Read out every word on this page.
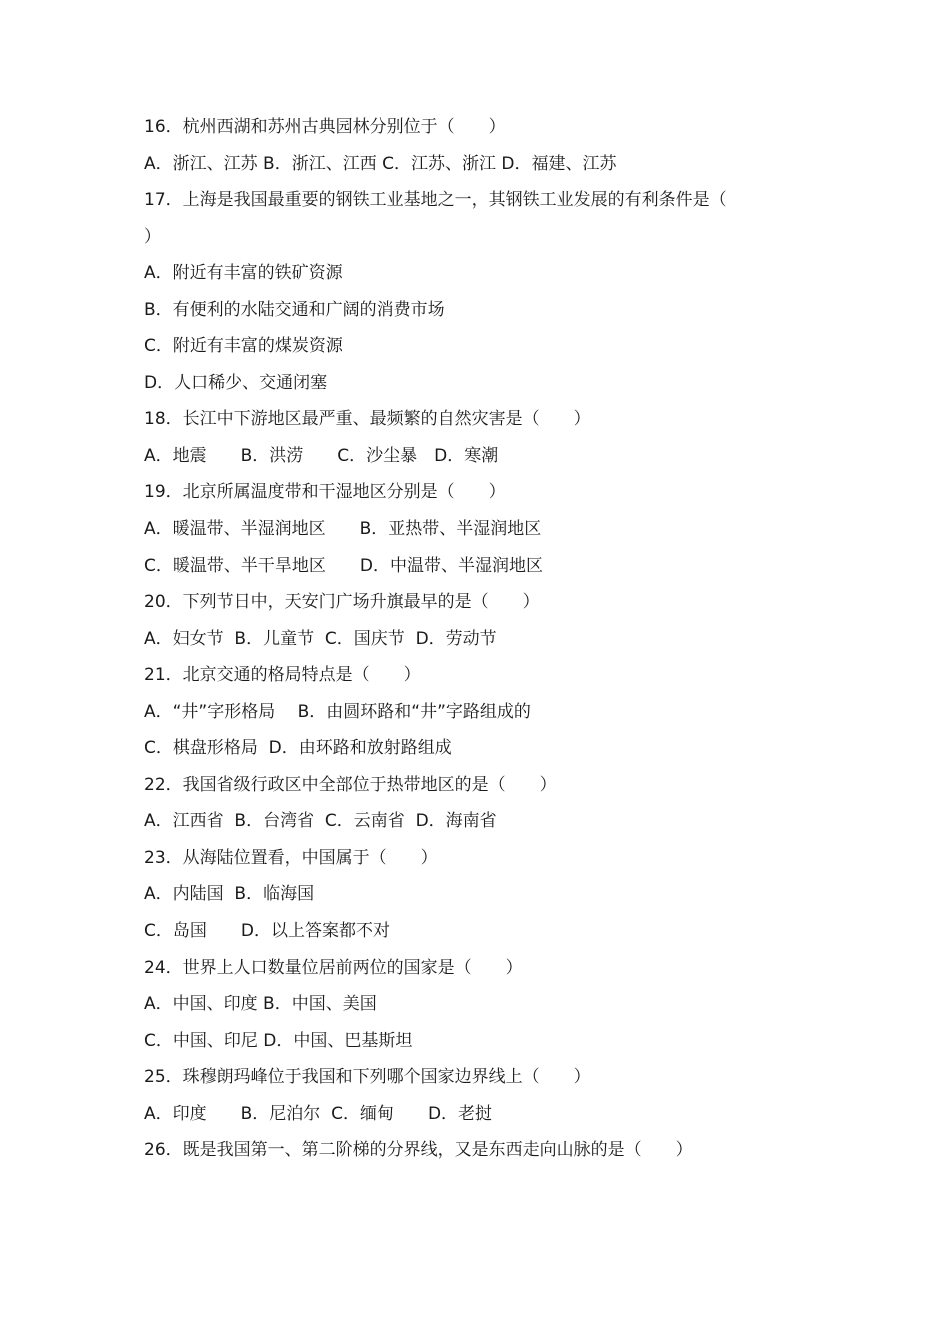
16．杭州西湖和苏州古典园林分别位于（　　）
A．浙江、江苏 B．浙江、江西 C．江苏、浙江 D．福建、江苏
17．上海是我国最重要的钢铁工业基地之一，其钢铁工业发展的有利条件是（
）
A．附近有丰富的铁矿资源
B．有便利的水陆交通和广阔的消费市场
C．附近有丰富的煤炭资源
D．人口稀少、交通闭塞
18．长江中下游地区最严重、最频繁的自然灾害是（　　）
A．地震　　B．洪涝　　C．沙尘暴　D．寒潮
19．北京所属温度带和干湿地区分别是（　　）
A．暖温带、半湿润地区　　B．亚热带、半湿润地区
C．暖温带、半干旱地区　　D．中温带、半湿润地区
20．下列节日中，天安门广场升旗最早的是（　　）
A．妇女节  B．儿童节  C．国庆节  D．劳动节
21．北京交通的格局特点是（　　）
A．“井”字形格局　 B．由圆环路和“井”字路组成的
C．棋盘形格局  D．由环路和放射路组成
22．我国省级行政区中全部位于热带地区的是（　　）
A．江西省  B．台湾省  C．云南省  D．海南省
23．从海陆位置看，中国属于（　　）
A．内陆国  B．临海国
C．岛国　　D．以上答案都不对
24．世界上人口数量位居前两位的国家是（　　）
A．中国、印度 B．中国、美国
C．中国、印尼 D．中国、巴基斯坦
25．珠穆朗玛峰位于我国和下列哪个国家边界线上（　　）
A．印度　　B．尼泊尔  C．缅甸　　D．老挝
26．既是我国第一、第二阶梯的分界线，又是东西走向山脉的是（　　）
